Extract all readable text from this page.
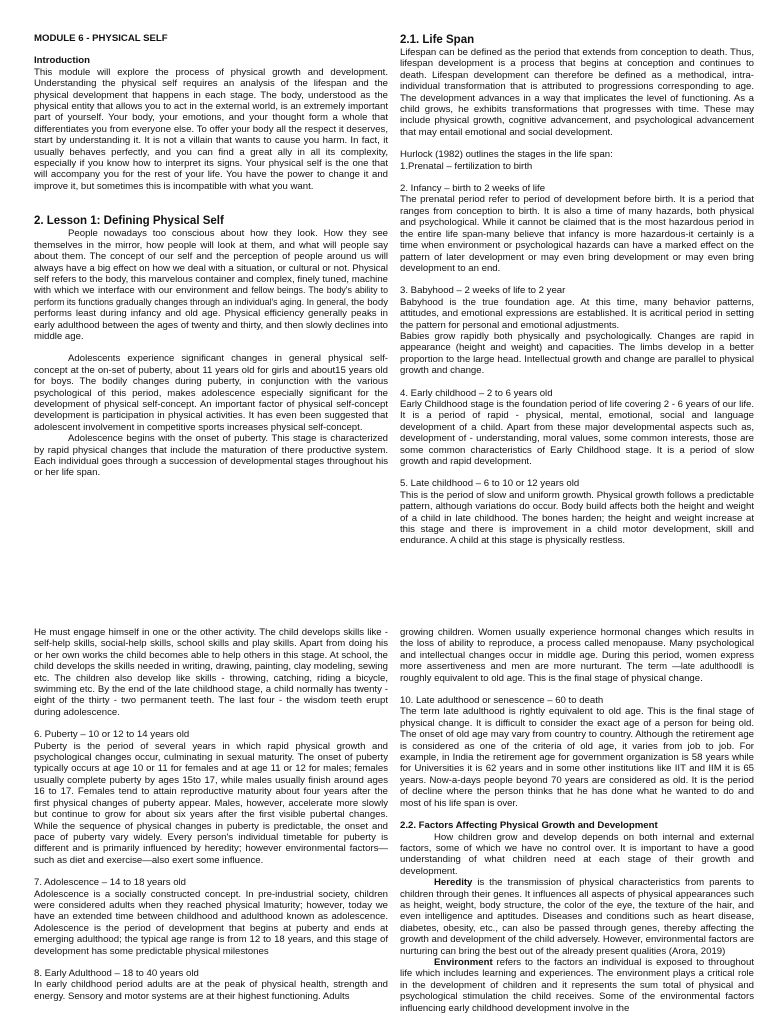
MODULE 6 - PHYSICAL SELF

Introduction

This module will explore the process of physical growth and development. Understanding the physical self requires an analysis of the lifespan and the physical development that happens in each stage. The body, understood as the physical entity that allows you to act in the external world, is an extremely important part of yourself. Your body, your emotions, and your thought form a whole that differentiates you from everyone else. To offer your body all the respect it deserves, start by understanding it. It is not a villain that wants to cause you harm. In fact, it usually behaves perfectly, and you can find a great ally in all its complexity, especially if you know how to interpret its signs. Your physical self is the one that will accompany you for the rest of your life. You have the power to change it and improve it, but sometimes this is incompatible with what you want.

2. Lesson 1: Defining Physical Self

People nowadays too conscious about how they look. How they see themselves in the mirror, how people will look at them, and what will people say about them. The concept of our self and the perception of people around us will always have a big effect on how we deal with a situation, or cultural or not. Physical self refers to the body, this marvelous container and complex, finely tuned, machine with which we interface with our environment and fellow beings. The body's ability to perform its functions gradually changes through an individual's aging. In general, the body performs least during infancy and old age. Physical efficiency generally peaks in early adulthood between the ages of twenty and thirty, and then slowly declines into middle age.

Adolescents experience significant changes in general physical self-concept at the on-set of puberty, about 11 years old for girls and about15 years old for boys. The bodily changes during puberty, in conjunction with the various psychological of this period, makes adolescence especially significant for the development of physical self-concept. An important factor of physical self-concept development is participation in physical activities. It has even been suggested that adolescent involvement in competitive sports increases physical self-concept.

Adolescence begins with the onset of puberty. This stage is characterized by rapid physical changes that include the maturation of there productive system. Each individual goes through a succession of developmental stages throughout his or her life span.

2.1. Life Span

Lifespan can be defined as the period that extends from conception to death. Thus, lifespan development is a process that begins at conception and continues to death. Lifespan development can therefore be defined as a methodical, intra-individual transformation that is attributed to progressions corresponding to age. The development advances in a way that implicates the level of functioning. As a child grows, he exhibits transformations that progresses with time. These may include physical growth, cognitive advancement, and psychological advancement that may entail emotional and social development.

Hurlock (1982) outlines the stages in the life span:

1.Prenatal – fertilization to birth

2. Infancy – birth to 2 weeks of life

The prenatal period refer to period of development before birth. It is a period that ranges from conception to birth. It is also a time of many hazards, both physical and psychological. While it cannot be claimed that is the most hazardous period in the entire life span-many believe that infancy is more hazardous-it certainly is a time when environment or psychological hazards can have a marked effect on the pattern of later development or may even bring development or may even bring development to an end.

3. Babyhood – 2 weeks of life to 2 year

Babyhood is the true foundation age. At this time, many behavior patterns, attitudes, and emotional expressions are established. It is acritical period in setting the pattern for personal and emotional adjustments.

Babies grow rapidly both physically and psychologically. Changes are rapid in appearance (height and weight) and capacities. The limbs develop in a better proportion to the large head. Intellectual growth and change are parallel to physical growth and change.

4. Early childhood – 2 to 6 years old

Early Childhood stage is the foundation period of life covering 2 - 6 years of our life. It is a period of rapid - physical, mental, emotional, social and language development of a child. Apart from these major developmental aspects such as, development of - understanding, moral values, some common interests, those are some common characteristics of Early Childhood stage. It is a period of slow growth and rapid development.

5. Late childhood – 6 to 10 or 12 years old

This is the period of slow and uniform growth. Physical growth follows a predictable pattern, although variations do occur. Body build affects both the height and weight of a child in late childhood. The bones harden; the height and weight increase at this stage and there is improvement in a child motor development, skill and endurance. A child at this stage is physically restless.

He must engage himself in one or the other activity. The child develops skills like - self-help skills, social-help skills, school skills and play skills. Apart from doing his or her own works the child becomes able to help others in this stage. At school, the child develops the skills needed in writing, drawing, painting, clay modeling, sewing etc. The children also develop like skills - throwing, catching, riding a bicycle, swimming etc. By the end of the late childhood stage, a child normally has twenty - eight of the thirty - two permanent teeth. The last four - the wisdom teeth erupt during adolescence.

6. Puberty – 10 or 12 to 14 years old

Puberty is the period of several years in which rapid physical growth and psychological changes occur, culminating in sexual maturity. The onset of puberty typically occurs at age 10 or 11 for females and at age 11 or 12 for males; females usually complete puberty by ages 15to 17, while males usually finish around ages 16 to 17. Females tend to attain reproductive maturity about four years after the first physical changes of puberty appear. Males, however, accelerate more slowly but continue to grow for about six years after the first visible pubertal changes. While the sequence of physical changes in puberty is predictable, the onset and pace of puberty vary widely. Every person's individual timetable for puberty is different and is primarily influenced by heredity; however environmental factors—such as diet and exercise—also exert some influence.

7. Adolescence – 14 to 18 years old

Adolescence is a socially constructed concept. In pre-industrial society, children were considered adults when they reached physical lmaturity; however, today we have an extended time between childhood and adulthood known as adolescence. Adolescence is the period of development that begins at puberty and ends at emerging adulthood; the typical age range is from 12 to 18 years, and this stage of development has some predictable physical milestones

8. Early Adulthood – 18 to 40 years old

In early childhood period adults are at the peak of physical health, strength and energy. Sensory and motor systems are at their highest functioning. Adults

growing children. Women usually experience hormonal changes which results in the loss of ability to reproduce, a process called menopause. Many psychological and intellectual changes occur in middle age. During this period, women express more assertiveness and men are more nurturant. The term ―late adulthood‖ is roughly equivalent to old age. This is the final stage of physical change.

10. Late adulthood or senescence – 60 to death

The term late adulthood is rightly equivalent to old age. This is the final stage of physical change. It is difficult to consider the exact age of a person for being old. The onset of old age may vary from country to country. Although the retirement age is considered as one of the criteria of old age, it varies from job to job. For example, in India the retirement age for government organization is 58 years while for Universities it is 62 years and in some other institutions like IIT and IIM it is 65 years. Now-a-days people beyond 70 years are considered as old. It is the period of decline where the person thinks that he has done what he wanted to do and most of his life span is over.

2.2. Factors Affecting Physical Growth and Development

How children grow and develop depends on both internal and external factors, some of which we have no control over. It is important to have a good understanding of what children need at each stage of their growth and development.

Heredity is the transmission of physical characteristics from parents to children through their genes. It influences all aspects of physical appearances such as height, weight, body structure, the color of the eye, the texture of the hair, and even intelligence and aptitudes. Diseases and conditions such as heart disease, diabetes, obesity, etc., can also be passed through genes, thereby affecting the growth and development of the child adversely. However, environmental factors are nurturing can bring the best out of the already present qualities (Arora, 2019)

Environment refers to the factors an individual is exposed to throughout life which includes learning and experiences. The environment plays a critical role in the development of children and it represents the sum total of physical and psychological stimulation the child receives. Some of the environmental factors influencing early childhood development involve in the
